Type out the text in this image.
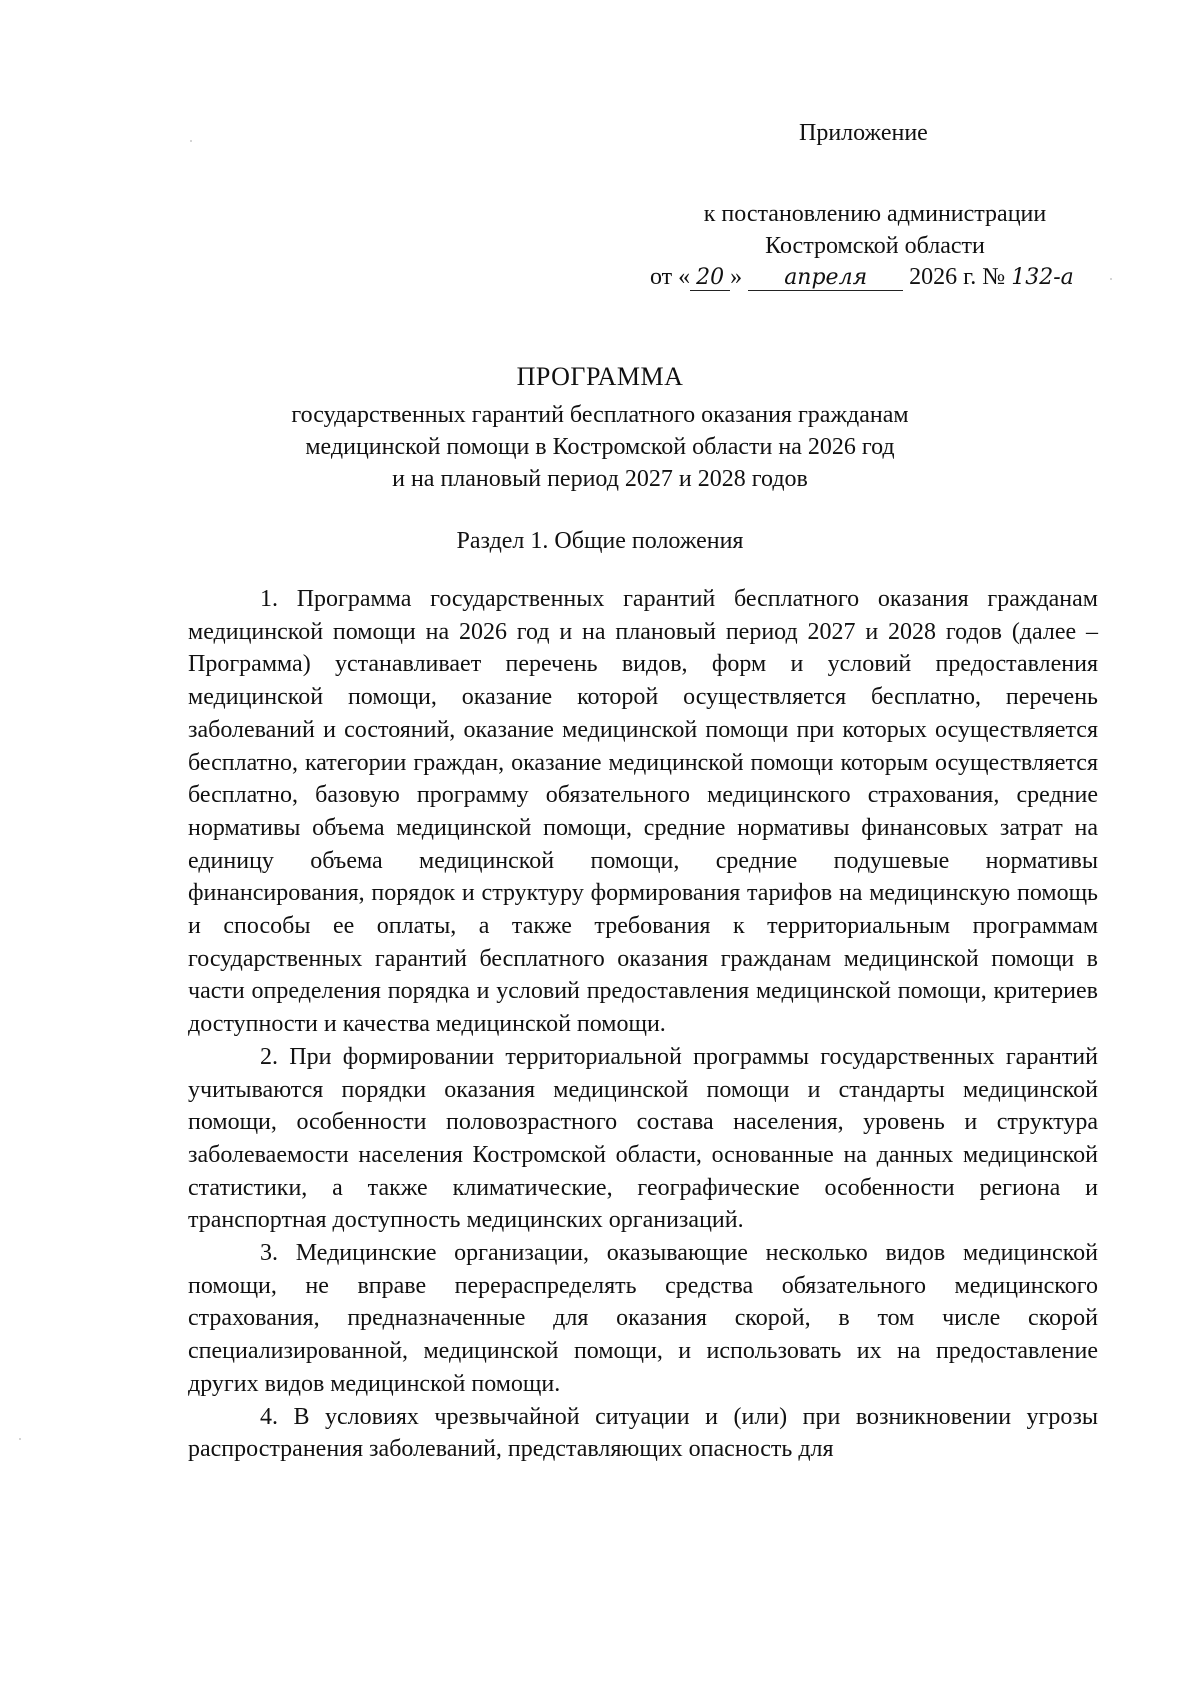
Приложение
к постановлению администрации
Костромской области
от « 20 » апреля 2026 г. № 132-а
ПРОГРАММА
государственных гарантий бесплатного оказания гражданам
медицинской помощи в Костромской области на 2026 год
и на плановый период 2027 и 2028 годов
Раздел 1. Общие положения

1. Программа государственных гарантий бесплатного оказания гражданам медицинской помощи на 2026 год и на плановый период 2027 и 2028 годов (далее – Программа) устанавливает перечень видов, форм и условий предоставления медицинской помощи, оказание которой осуществляется бесплатно, перечень заболеваний и состояний, оказание медицинской помощи при которых осуществляется бесплатно, категории граждан, оказание медицинской помощи которым осуществляется бесплатно, базовую программу обязательного медицинского страхования, средние нормативы объема медицинской помощи, средние нормативы финансовых затрат на единицу объема медицинской помощи, средние подушевые нормативы финансирования, порядок и структуру формирования тарифов на медицинскую помощь и способы ее оплаты, а также требования к территориальным программам государственных гарантий бесплатного оказания гражданам медицинской помощи в части определения порядка и условий предоставления медицинской помощи, критериев доступности и качества медицинской помощи.

2. При формировании территориальной программы государственных гарантий учитываются порядки оказания медицинской помощи и стандарты медицинской помощи, особенности половозрастного состава населения, уровень и структура заболеваемости населения Костромской области, основанные на данных медицинской статистики, а также климатические, географические особенности региона и транспортная доступность медицинских организаций.

3. Медицинские организации, оказывающие несколько видов медицинской помощи, не вправе перераспределять средства обязательного медицинского страхования, предназначенные для оказания скорой, в том числе скорой специализированной, медицинской помощи, и использовать их на предоставление других видов медицинской помощи.

4. В условиях чрезвычайной ситуации и (или) при возникновении угрозы распространения заболеваний, представляющих опасность для
